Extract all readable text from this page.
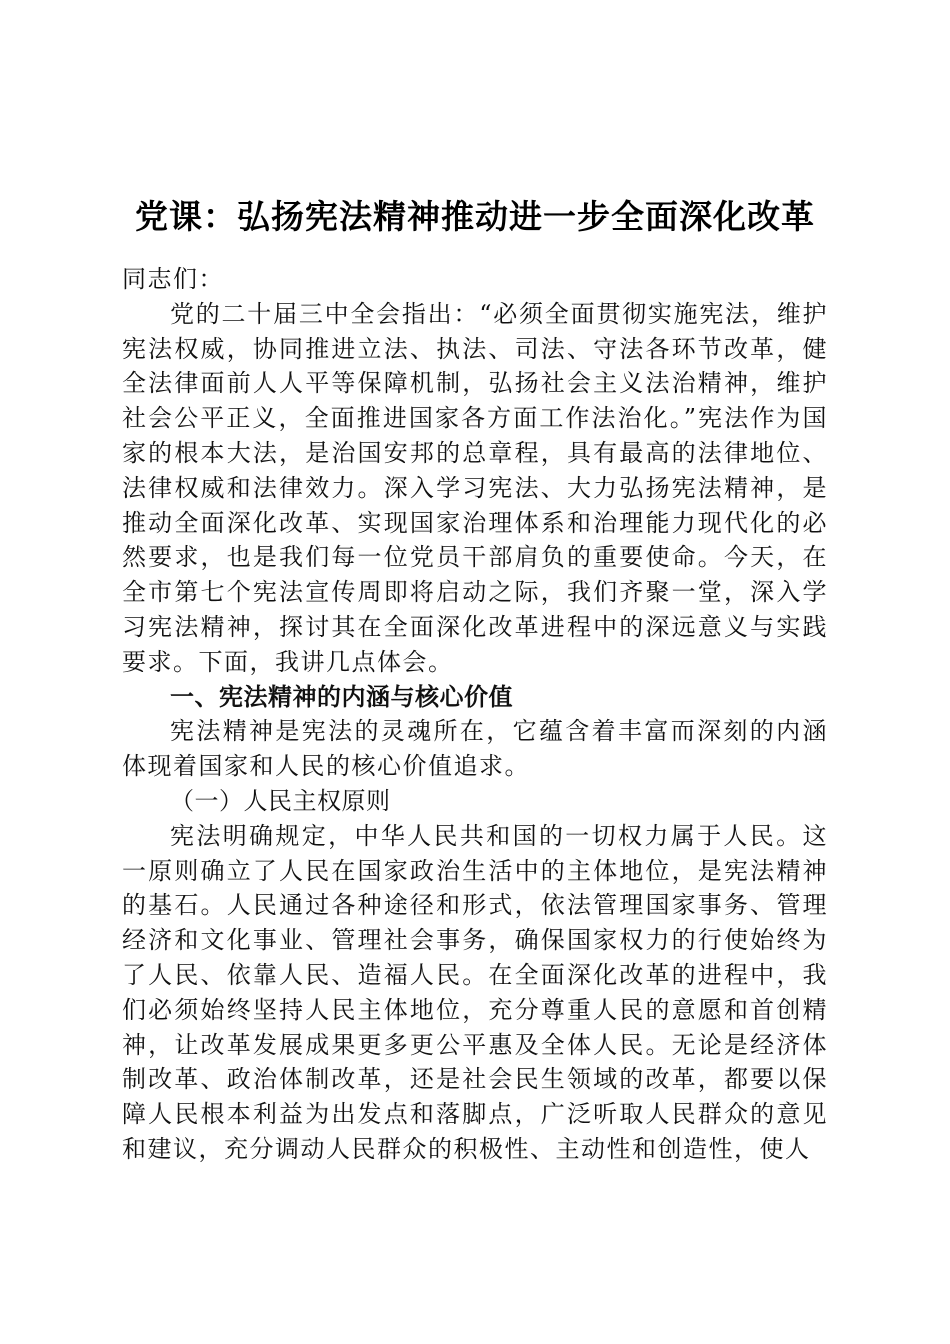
党课：弘扬宪法精神推动进一步全面深化改革

同志们：

党的二十届三中全会指出：“必须全面贯彻实施宪法，维护宪法权威，协同推进立法、执法、司法、守法各环节改革，健全法律面前人人平等保障机制，弘扬社会主义法治精神，维护社会公平正义，全面推进国家各方面工作法治化。”宪法作为国家的根本大法，是治国安邦的总章程，具有最高的法律地位、法律权威和法律效力。深入学习宪法、大力弘扬宪法精神，是推动全面深化改革、实现国家治理体系和治理能力现代化的必然要求，也是我们每一位党员干部肩负的重要使命。今天，在全市第七个宪法宣传周即将启动之际，我们齐聚一堂，深入学习宪法精神，探讨其在全面深化改革进程中的深远意义与实践要求。下面，我讲几点体会。

一、宪法精神的内涵与核心价值

宪法精神是宪法的灵魂所在，它蕴含着丰富而深刻的内涵体现着国家和人民的核心价值追求。

（一）人民主权原则

宪法明确规定，中华人民共和国的一切权力属于人民。这一原则确立了人民在国家政治生活中的主体地位，是宪法精神的基石。人民通过各种途径和形式，依法管理国家事务、管理经济和文化事业、管理社会事务，确保国家权力的行使始终为了人民、依靠人民、造福人民。在全面深化改革的进程中，我们必须始终坚持人民主体地位，充分尊重人民的意愿和首创精神，让改革发展成果更多更公平惠及全体人民。无论是经济体制改革、政治体制改革，还是社会民生领域的改革，都要以保障人民根本利益为出发点和落脚点，广泛听取人民群众的意见和建议，充分调动人民群众的积极性、主动性和创造性，使人
